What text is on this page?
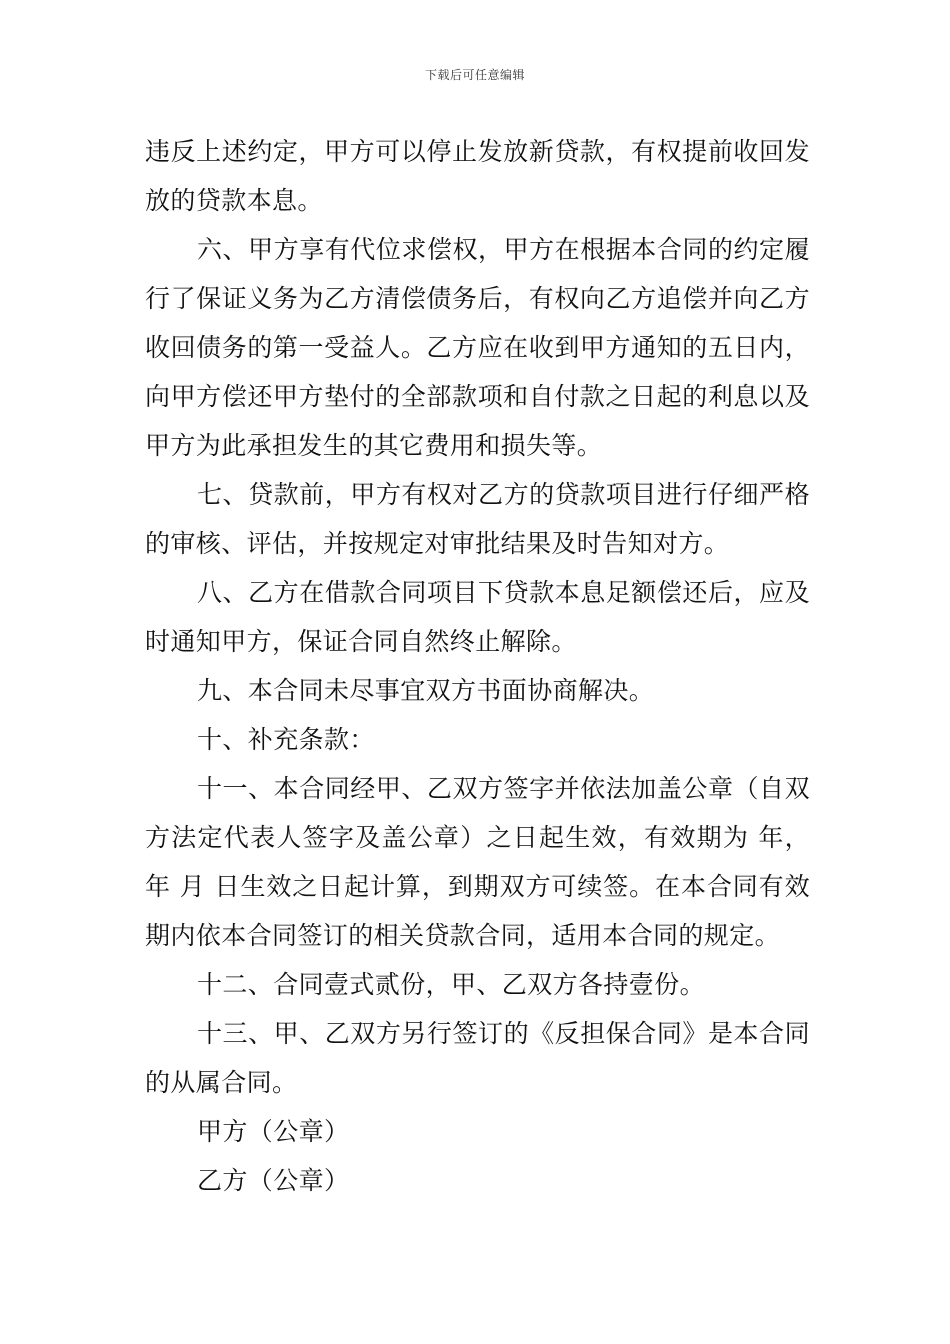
下载后可任意编辑

违反上述约定，甲方可以停止发放新贷款，有权提前收回发放的贷款本息。

六、甲方享有代位求偿权，甲方在根据本合同的约定履行了保证义务为乙方清偿债务后，有权向乙方追偿并向乙方收回债务的第一受益人。乙方应在收到甲方通知的五日内，向甲方偿还甲方垫付的全部款项和自付款之日起的利息以及甲方为此承担发生的其它费用和损失等。

七、贷款前，甲方有权对乙方的贷款项目进行仔细严格的审核、评估，并按规定对审批结果及时告知对方。

八、乙方在借款合同项目下贷款本息足额偿还后，应及时通知甲方，保证合同自然终止解除。

九、本合同未尽事宜双方书面协商解决。

十、补充条款：

十一、本合同经甲、乙双方签字并依法加盖公章（自双方法定代表人签字及盖公章）之日起生效，有效期为 年， 年 月 日生效之日起计算，到期双方可续签。在本合同有效期内依本合同签订的相关贷款合同，适用本合同的规定。

十二、合同壹式贰份，甲、乙双方各持壹份。

十三、甲、乙双方另行签订的《反担保合同》是本合同的从属合同。

甲方（公章）

乙方（公章）
